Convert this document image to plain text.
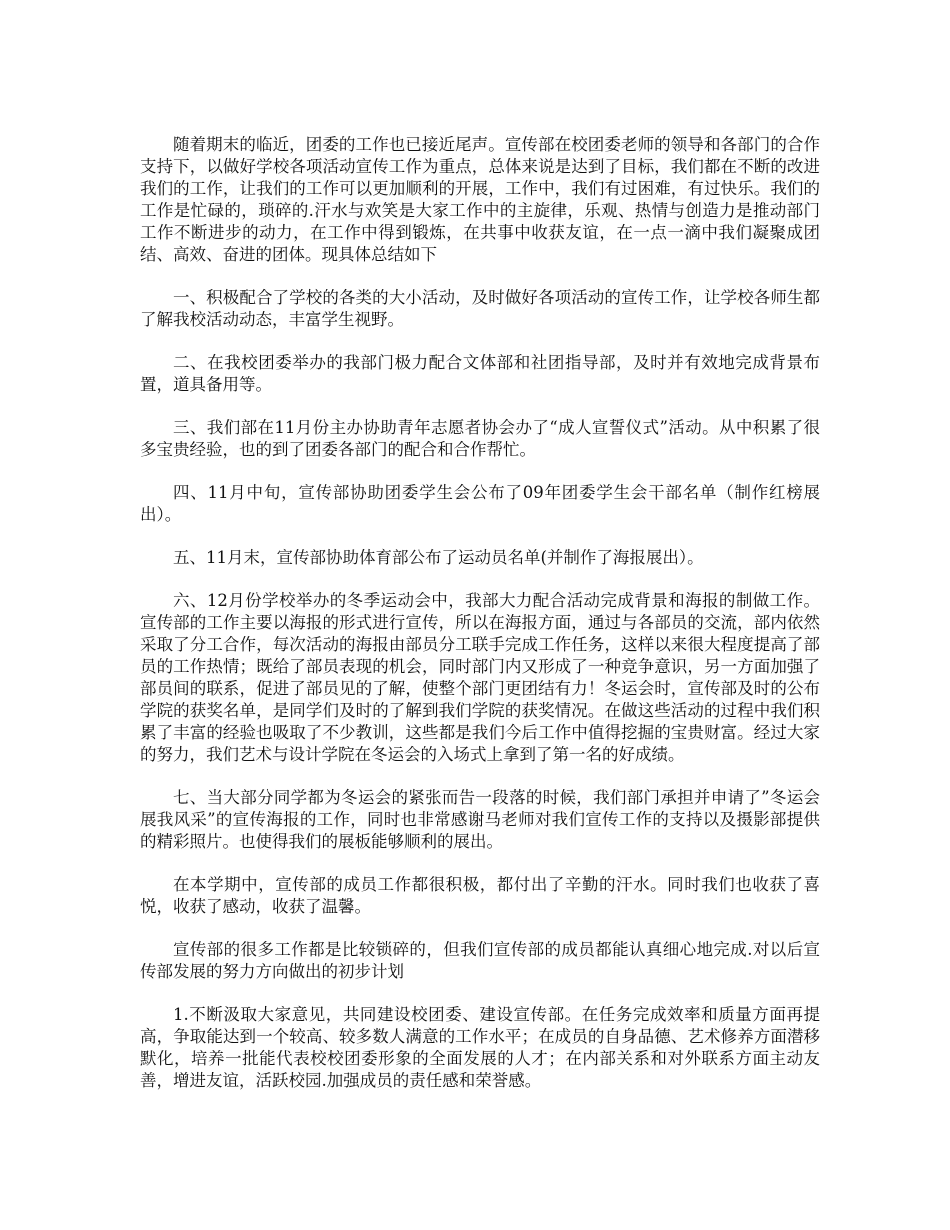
随着期末的临近，团委的工作也已接近尾声。宣传部在校团委老师的领导和各部门的合作支持下，以做好学校各项活动宣传工作为重点，总体来说是达到了目标，我们都在不断的改进我们的工作，让我们的工作可以更加顺利的开展，工作中，我们有过困难，有过快乐。我们的工作是忙碌的，琐碎的.汗水与欢笑是大家工作中的主旋律，乐观、热情与创造力是推动部门工作不断进步的动力，在工作中得到锻炼，在共事中收获友谊，在一点一滴中我们凝聚成团结、高效、奋进的团体。现具体总结如下

一、积极配合了学校的各类的大小活动，及时做好各项活动的宣传工作，让学校各师生都了解我校活动动态，丰富学生视野。

二、在我校团委举办的我部门极力配合文体部和社团指导部，及时并有效地完成背景布置，道具备用等。

三、我们部在11月份主办协助青年志愿者协会办了“成人宣誓仪式”活动。从中积累了很多宝贵经验，也的到了团委各部门的配合和合作帮忙。

四、11月中旬，宣传部协助团委学生会公布了09年团委学生会干部名单（制作红榜展出）。

五、11月末，宣传部协助体育部公布了运动员名单(并制作了海报展出）。

六、12月份学校举办的冬季运动会中，我部大力配合活动完成背景和海报的制做工作。宣传部的工作主要以海报的形式进行宣传，所以在海报方面，通过与各部员的交流，部内依然采取了分工合作，每次活动的海报由部员分工联手完成工作任务，这样以来很大程度提高了部员的工作热情；既给了部员表现的机会，同时部门内又形成了一种竞争意识，另一方面加强了部员间的联系，促进了部员见的了解，使整个部门更团结有力！冬运会时，宣传部及时的公布学院的获奖名单，是同学们及时的了解到我们学院的获奖情况。在做这些活动的过程中我们积累了丰富的经验也吸取了不少教训，这些都是我们今后工作中值得挖掘的宝贵财富。经过大家的努力，我们艺术与设计学院在冬运会的入场式上拿到了第一名的好成绩。

七、当大部分同学都为冬运会的紧张而告一段落的时候，我们部门承担并申请了”冬运会展我风采”的宣传海报的工作，同时也非常感谢马老师对我们宣传工作的支持以及摄影部提供的精彩照片。也使得我们的展板能够顺利的展出。

在本学期中，宣传部的成员工作都很积极，都付出了辛勤的汗水。同时我们也收获了喜悦，收获了感动，收获了温馨。

宣传部的很多工作都是比较锁碎的，但我们宣传部的成员都能认真细心地完成.对以后宣传部发展的努力方向做出的初步计划

1.不断汲取大家意见，共同建设校团委、建设宣传部。在任务完成效率和质量方面再提高，争取能达到一个较高、较多数人满意的工作水平；在成员的自身品德、艺术修养方面潜移默化，培养一批能代表校校团委形象的全面发展的人才；在内部关系和对外联系方面主动友善，增进友谊，活跃校园.加强成员的责任感和荣誉感。
